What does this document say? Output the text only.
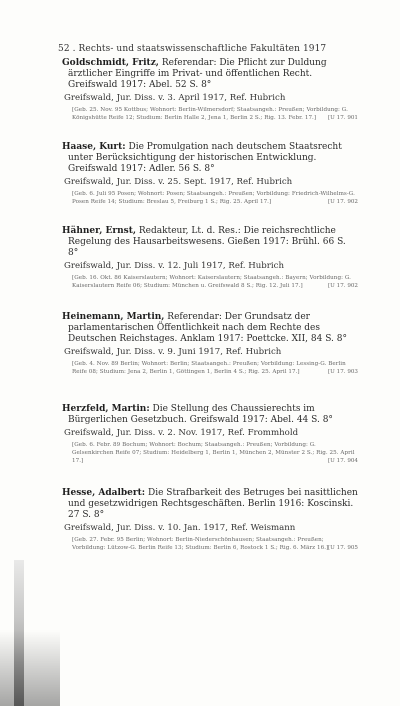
52 . Rechts- und staatswissenschaftliche Fakultäten 1917
Goldschmidt, Fritz, Referendar: Die Pflicht zur Duldung ärztlicher Eingriffe im Privat- und öffentlichen Recht. Greifswald 1917: Abel. 52 S. 8°
Greifswald, Jur. Diss. v. 3. April 1917, Ref. Hubrich
[Geb. 25. Nov. 95 Kottbus; Wohnort: Berlin-Wilmersdorf; Staatsangeh.: Preußen; Vorbildung: G. Königshütte Reife 12; Studium: Berlin Halle 2, Jena 1, Berlin 2 S.; Rig. 13. Febr. 17.]	[U 17. 901
Haase, Kurt: Die Promulgation nach deutschem Staatsrecht unter Berücksichtigung der historischen Entwicklung. Greifswald 1917: Adler. 56 S. 8°
Greifswald, Jur. Diss. v. 25. Sept. 1917, Ref. Hubrich
[Geb. 6. Juli 95 Posen; Wohnort: Posen; Staatsangeh.: Preußen; Vorbildung: Friedrich-Wilhelms-G. Posen Reife 14; Studium: Breslau 5, Freiburg 1 S.; Rig. 25. April 17.]	[U 17. 902
Hähner, Ernst, Redakteur, Lt. d. Res.: Die reichsrechtliche Regelung des Hausarbeitswesens. Gießen 1917: Brühl. 66 S. 8°
Greifswald, Jur. Diss. v. 12. Juli 1917, Ref. Hubrich
[Geb. 16. Okt. 86 Kaiserslautern; Wohnort: Kaiserslautern; Staatsangeh.: Bayern; Vorbildung: G. Kaiserslautern Reife 06; Studium: München u. Greifswald 8 S.; Rig. 12. Juli 17.]	[U 17. 902
Heinemann, Martin, Referendar: Der Grundsatz der parlamentarischen Öffentlichkeit nach dem Rechte des Deutschen Reichstages. Anklam 1917: Poettcke. XII, 84 S. 8°
Greifswald, Jur. Diss. v. 9. Juni 1917, Ref. Hubrich
[Geb. 4. Nov. 89 Berlin; Wohnort: Berlin; Staatsangeh.: Preußen; Vorbildung: Lessing-G. Berlin Reife 08; Studium: Jena 2, Berlin 1, Göttingen 1, Berlin 4 S.; Rig. 25. April 17.]	[U 17. 903
Herzfeld, Martin: Die Stellung des Chaussierechts im Bürgerlichen Gesetzbuch. Greifswald 1917: Abel. 44 S. 8°
Greifswald, Jur. Diss. v. 2. Nov. 1917, Ref. Frommhold
[Geb. 6. Febr. 89 Bochum; Wohnort: Bochum; Staatsangeh.: Preußen; Vorbildung: G. Gelsenkirchen Reife 07; Studium: Heidelberg 1, Berlin 1, München 2, Münster 2 S.; Rig. 25. April 17.]	[U 17. 904
Hesse, Adalbert: Die Strafbarkeit des Betruges bei nasittlichen und gesetzwidrigen Rechtsgeschäften. Berlin 1916: Koscinski. 27 S. 8°
Greifswald, Jur. Diss. v. 10. Jan. 1917, Ref. Weismann
[Geb. 27. Febr. 95 Berlin; Wohnort: Berlin-Niederschönhausen; Staatsangeh.: Preußen; Vorbildung: Lützow-G. Berlin Reife 13; Studium: Berlin 6, Rostock 1 S.; Rig. 6. März 16.] [U 17. 905
